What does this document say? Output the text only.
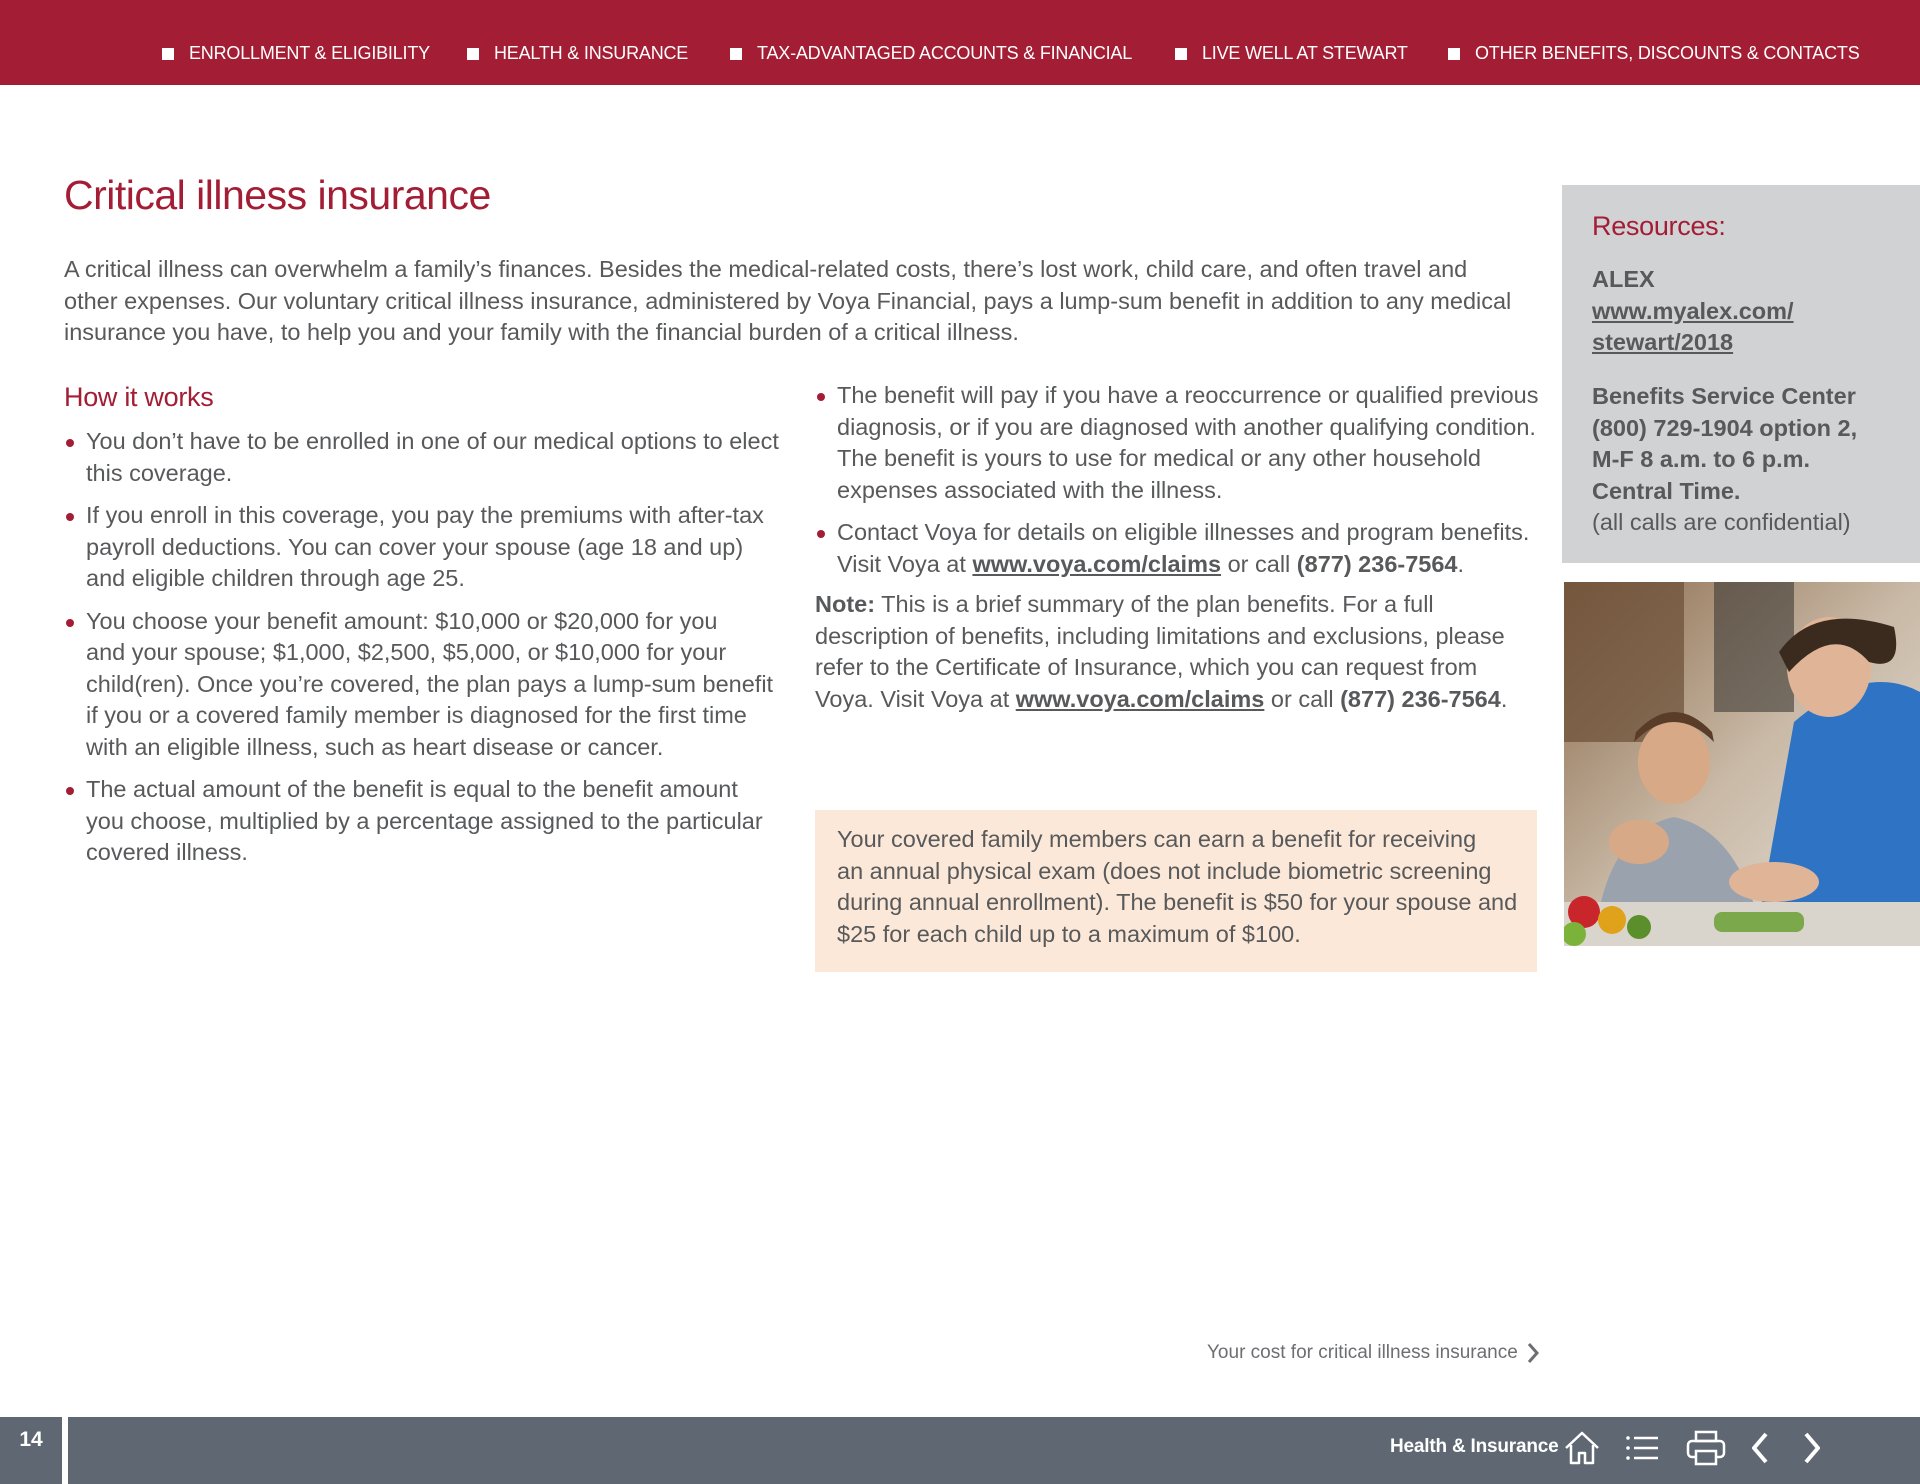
ENROLLMENT & ELIGIBILITY	HEALTH & INSURANCE	TAX-ADVANTAGED ACCOUNTS & FINANCIAL	LIVE WELL AT STEWART	OTHER BENEFITS, DISCOUNTS & CONTACTS
Critical illness insurance

A critical illness can overwhelm a family’s finances. Besides the medical-related costs, there’s lost work, child care, and often travel and
other expenses. Our voluntary critical illness insurance, administered by Voya Financial, pays a lump-sum benefit in addition to any medical
insurance you have, to help you and your family with the financial burden of a critical illness.

How it works
You don’t have to be enrolled in one of our medical options to elect
this coverage.
If you enroll in this coverage, you pay the premiums with after-tax
payroll deductions. You can cover your spouse (age 18 and up)
and eligible children through age 25.
You choose your benefit amount: $10,000 or $20,000 for you
and your spouse; $1,000, $2,500, $5,000, or $10,000 for your
child(ren). Once you’re covered, the plan pays a lump-sum benefit
if you or a covered family member is diagnosed for the first time
with an eligible illness, such as heart disease or cancer.
The actual amount of the benefit is equal to the benefit amount
you choose, multiplied by a percentage assigned to the particular
covered illness.
The benefit will pay if you have a reoccurrence or qualified previous
diagnosis, or if you are diagnosed with another qualifying condition.
The benefit is yours to use for medical or any other household
expenses associated with the illness.
Contact Voya for details on eligible illnesses and program benefits.
Visit Voya at www.voya.com/claims or call (877) 236-7564.
Note: This is a brief summary of the plan benefits. For a full
description of benefits, including limitations and exclusions, please
refer to the Certificate of Insurance, which you can request from
Voya. Visit Voya at www.voya.com/claims or call (877) 236-7564.

Your covered family members can earn a benefit for receiving
an annual physical exam (does not include biometric screening
during annual enrollment). The benefit is $50 for your spouse and
$25 for each child up to a maximum of $100.

Resources:
ALEX
www.myalex.com/
stewart/2018
Benefits Service Center
(800) 729-1904 option 2,
M-F 8 a.m. to 6 p.m.
Central Time.
(all calls are confidential)
Your cost for critical illness insurance
14	Health & Insurance
